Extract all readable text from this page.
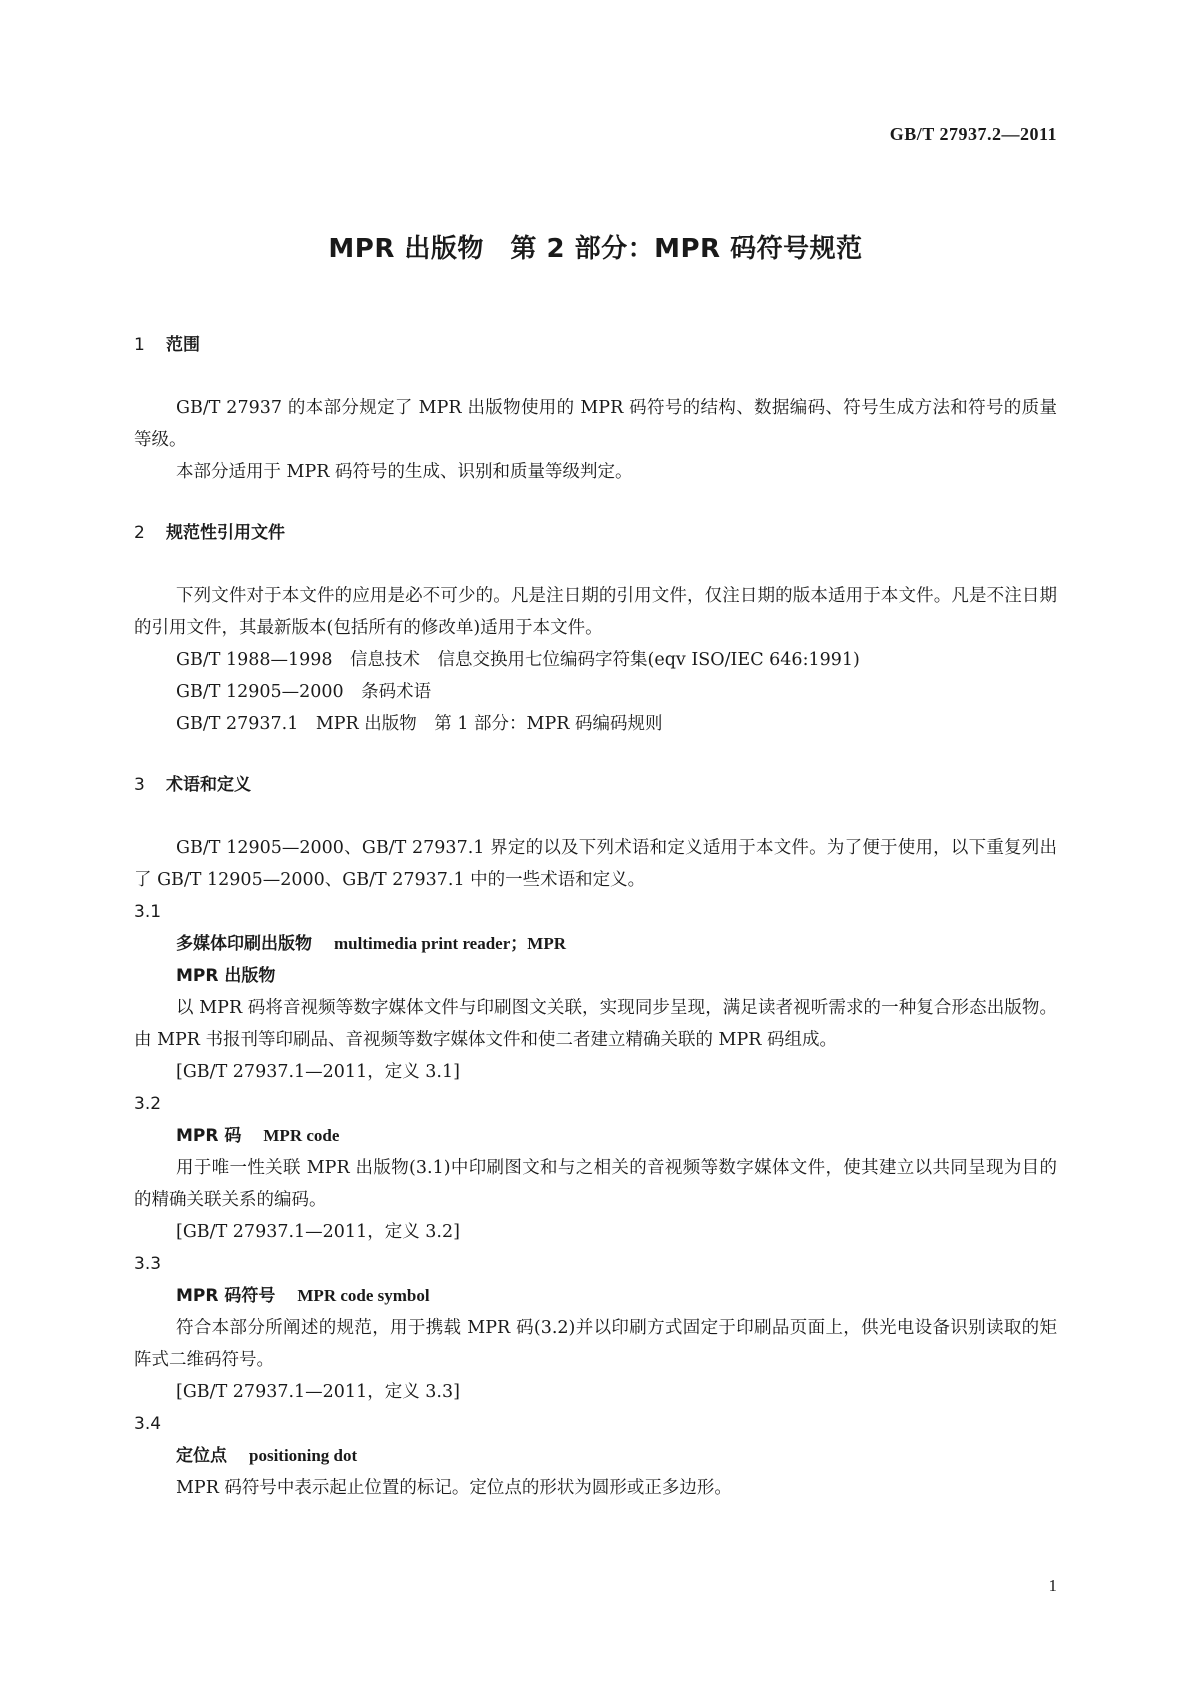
GB/T 27937.2—2011
MPR 出版物　第 2 部分：MPR 码符号规范
1 范围

GB/T 27937 的本部分规定了 MPR 出版物使用的 MPR 码符号的结构、数据编码、符号生成方法和符号的质量等级。

本部分适用于 MPR 码符号的生成、识别和质量等级判定。

2 规范性引用文件

下列文件对于本文件的应用是必不可少的。凡是注日期的引用文件，仅注日期的版本适用于本文件。凡是不注日期的引用文件，其最新版本(包括所有的修改单)适用于本文件。

GB/T 1988—1998　信息技术　信息交换用七位编码字符集(eqv ISO/IEC 646:1991)

GB/T 12905—2000　条码术语

GB/T 27937.1　MPR 出版物　第 1 部分：MPR 码编码规则

3 术语和定义

GB/T 12905—2000、GB/T 27937.1 界定的以及下列术语和定义适用于本文件。为了便于使用，以下重复列出了 GB/T 12905—2000、GB/T 27937.1 中的一些术语和定义。

3.1
多媒体印刷出版物 multimedia print reader；MPR
MPR 出版物

以 MPR 码将音视频等数字媒体文件与印刷图文关联，实现同步呈现，满足读者视听需求的一种复合形态出版物。由 MPR 书报刊等印刷品、音视频等数字媒体文件和使二者建立精确关联的 MPR 码组成。

[GB/T 27937.1—2011，定义 3.1]

3.2
MPR 码 MPR code

用于唯一性关联 MPR 出版物(3.1)中印刷图文和与之相关的音视频等数字媒体文件，使其建立以共同呈现为目的的精确关联关系的编码。

[GB/T 27937.1—2011，定义 3.2]

3.3
MPR 码符号 MPR code symbol

符合本部分所阐述的规范，用于携载 MPR 码(3.2)并以印刷方式固定于印刷品页面上，供光电设备识别读取的矩阵式二维码符号。

[GB/T 27937.1—2011，定义 3.3]

3.4
定位点 positioning dot

MPR 码符号中表示起止位置的标记。定位点的形状为圆形或正多边形。

1
